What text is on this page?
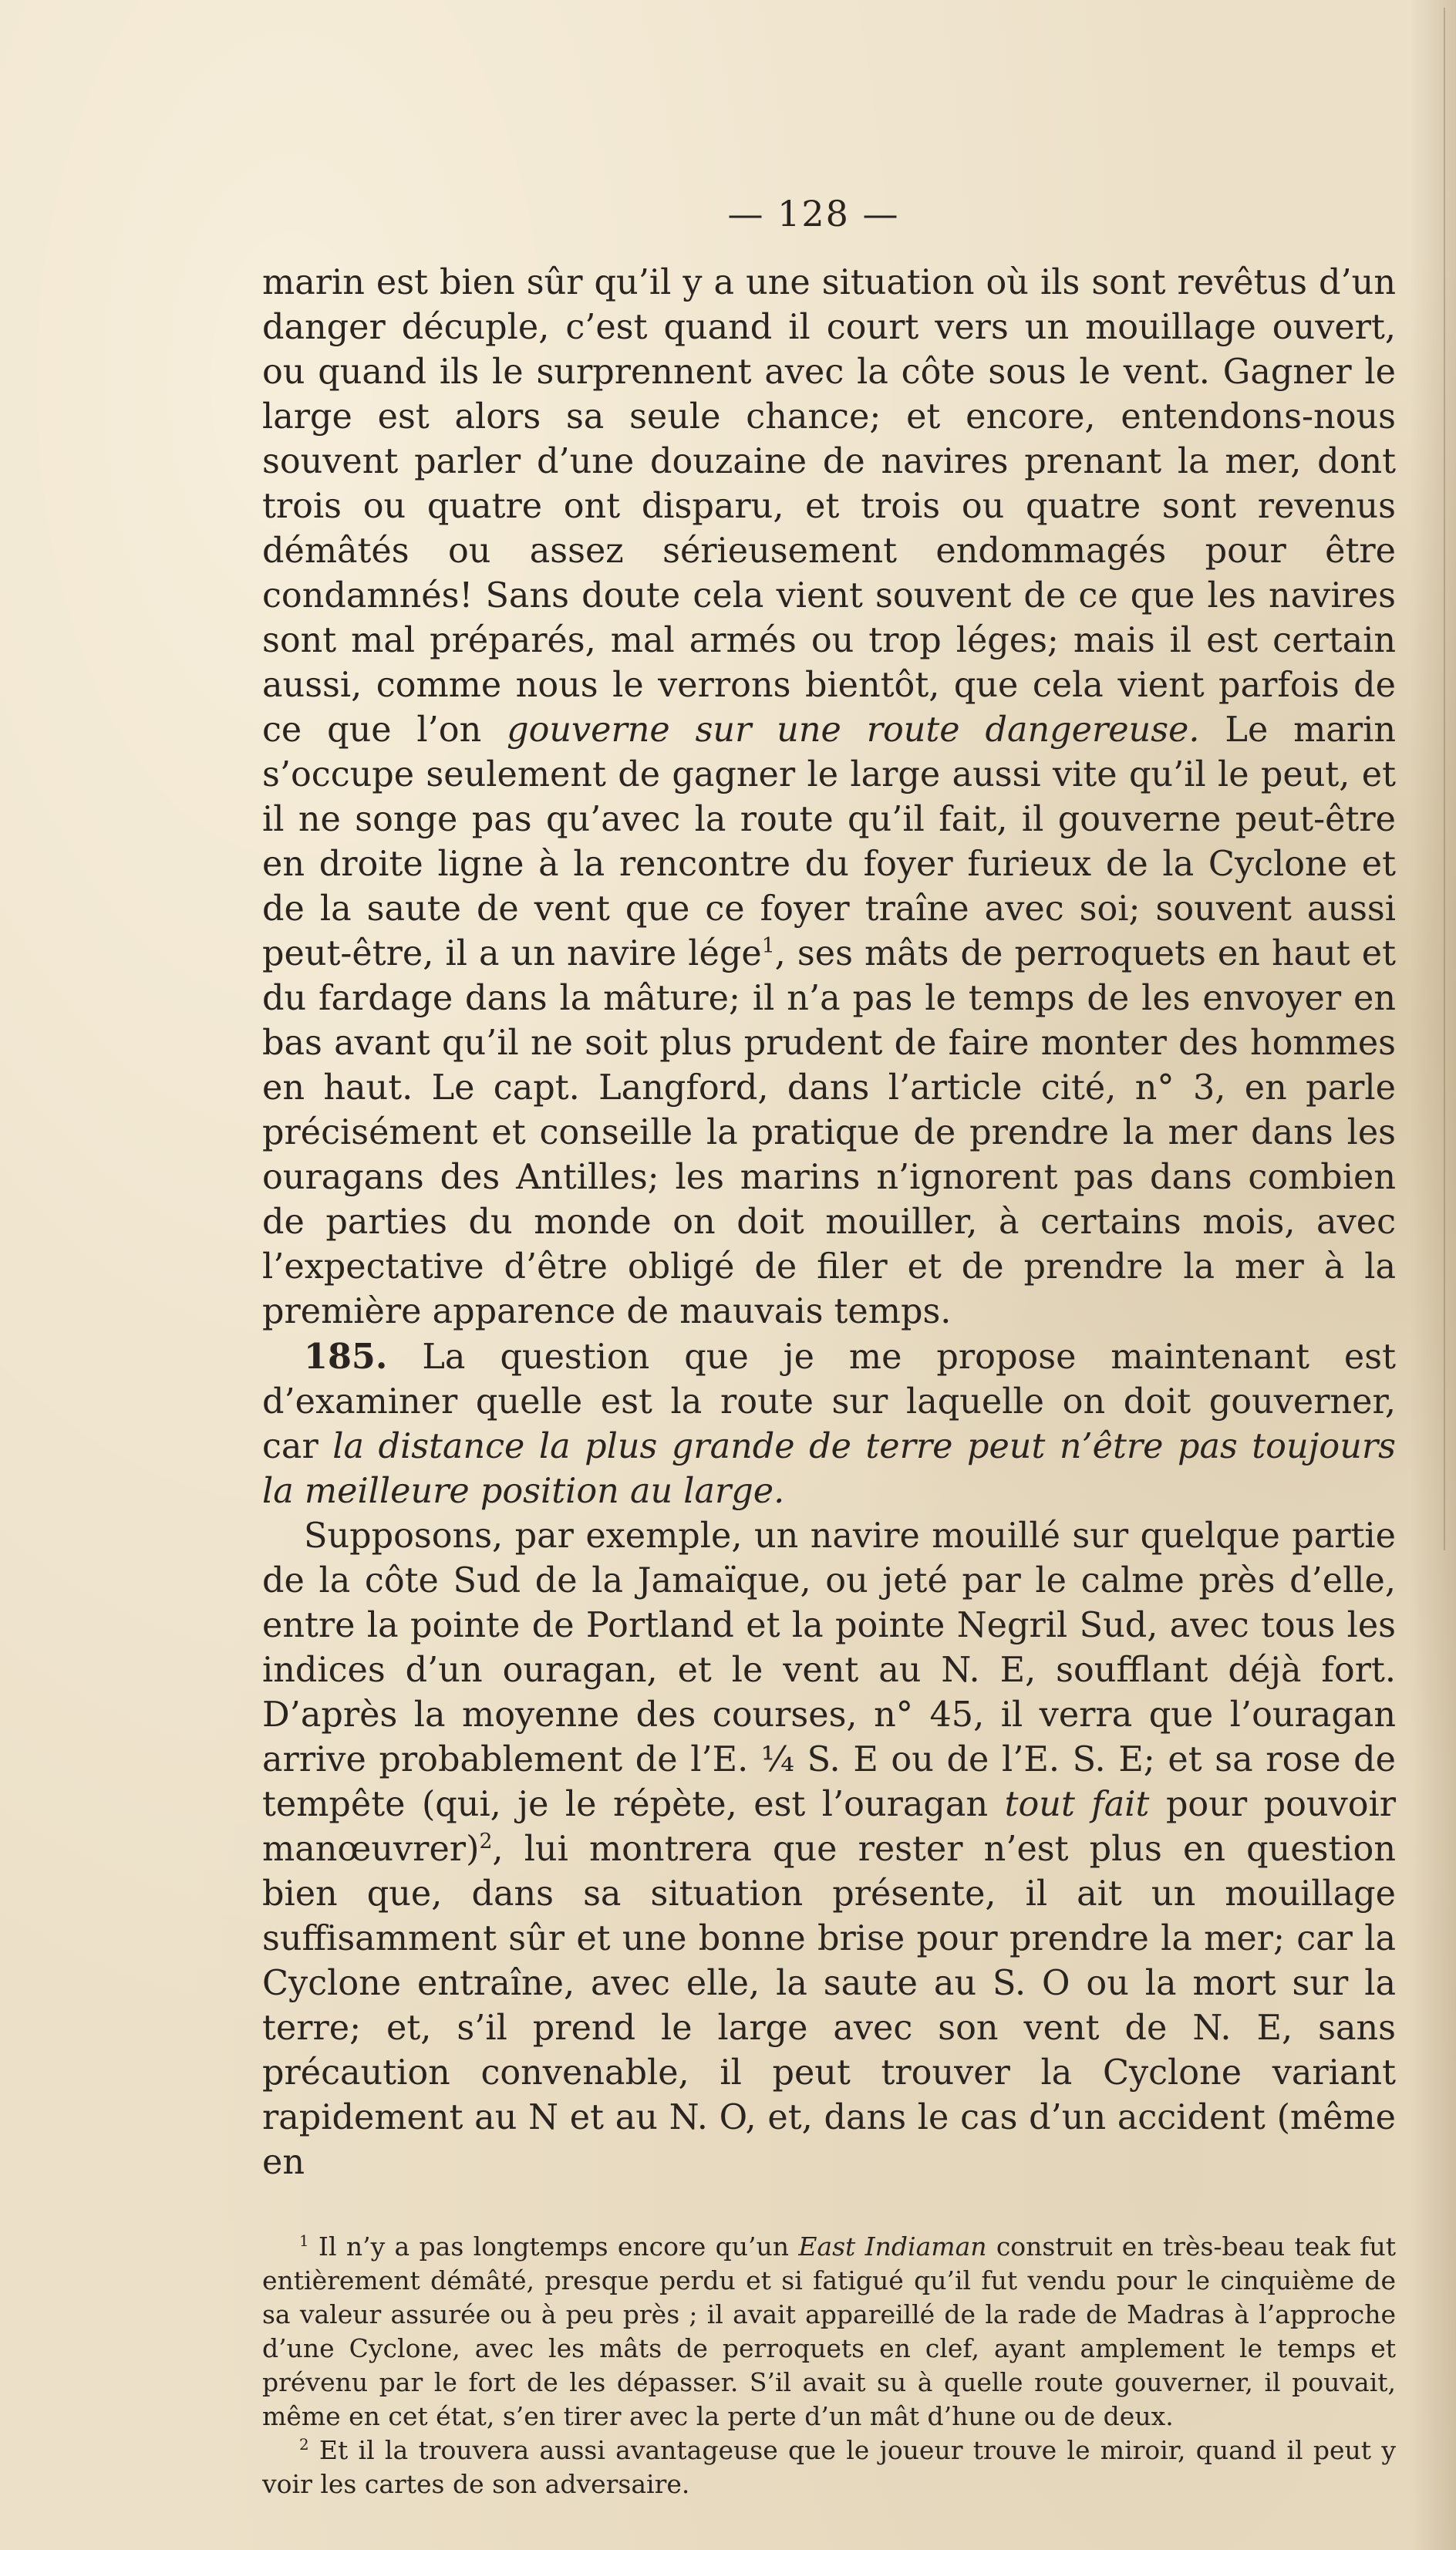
— 128 —

marin est bien sûr qu’il y a une situation où ils sont revêtus d’un danger décuple, c’est quand il court vers un mouillage ouvert, ou quand ils le surprennent avec la côte sous le vent. Gagner le large est alors sa seule chance; et encore, entendons-nous souvent parler d’une douzaine de navires prenant la mer, dont trois ou quatre ont disparu, et trois ou quatre sont revenus démâtés ou assez sérieusement endommagés pour être condamnés! Sans doute cela vient souvent de ce que les navires sont mal préparés, mal armés ou trop léges; mais il est certain aussi, comme nous le verrons bientôt, que cela vient parfois de ce que l’on gouverne sur une route dangereuse. Le marin s’occupe seulement de gagner le large aussi vite qu’il le peut, et il ne songe pas qu’avec la route qu’il fait, il gouverne peut-être en droite ligne à la rencontre du foyer furieux de la Cyclone et de la saute de vent que ce foyer traîne avec soi; souvent aussi peut-être, il a un navire lége$^1$, ses mâts de perroquets en haut et du fardage dans la mâture; il n’a pas le temps de les envoyer en bas avant qu’il ne soit plus prudent de faire monter des hommes en haut. Le capt. Langford, dans l’article cité, n° 3, en parle précisément et conseille la pratique de prendre la mer dans les ouragans des Antilles; les marins n’ignorent pas dans combien de parties du monde on doit mouiller, à certains mois, avec l’expectative d’être obligé de filer et de prendre la mer à la première apparence de mauvais temps.

185. La question que je me propose maintenant est d’examiner quelle est la route sur laquelle on doit gouverner, car la distance la plus grande de terre peut n’être pas toujours la meilleure position au large.

Supposons, par exemple, un navire mouillé sur quelque partie de la côte Sud de la Jamaïque, ou jeté par le calme près d’elle, entre la pointe de Portland et la pointe Negril Sud, avec tous les indices d’un ouragan, et le vent au N. E, soufflant déjà fort. D’après la moyenne des courses, n° 45, il verra que l’ouragan arrive probablement de l’E. ¼ S. E ou de l’E. S. E; et sa rose de tempête (qui, je le répète, est l’ouragan tout fait pour pouvoir manœuvrer)$^2$, lui montrera que rester n’est plus en question bien que, dans sa situation présente, il ait un mouillage suffisamment sûr et une bonne brise pour prendre la mer; car la Cyclone entraîne, avec elle, la saute au S. O ou la mort sur la terre; et, s’il prend le large avec son vent de N. E, sans précaution convenable, il peut trouver la Cyclone variant rapidement au N et au N. O, et, dans le cas d’un accident (même en

$^1$ Il n’y a pas longtemps encore qu’un East Indiaman construit en très-beau teak fut entièrement démâté, presque perdu et si fatigué qu’il fut vendu pour le cinquième de sa valeur assurée ou à peu près ; il avait appareillé de la rade de Madras à l’approche d’une Cyclone, avec les mâts de perroquets en clef, ayant amplement le temps et prévenu par le fort de les dépasser. S’il avait su à quelle route gouverner, il pouvait, même en cet état, s’en tirer avec la perte d’un mât d’hune ou de deux.

$^2$ Et il la trouvera aussi avantageuse que le joueur trouve le miroir, quand il peut y voir les cartes de son adversaire.
